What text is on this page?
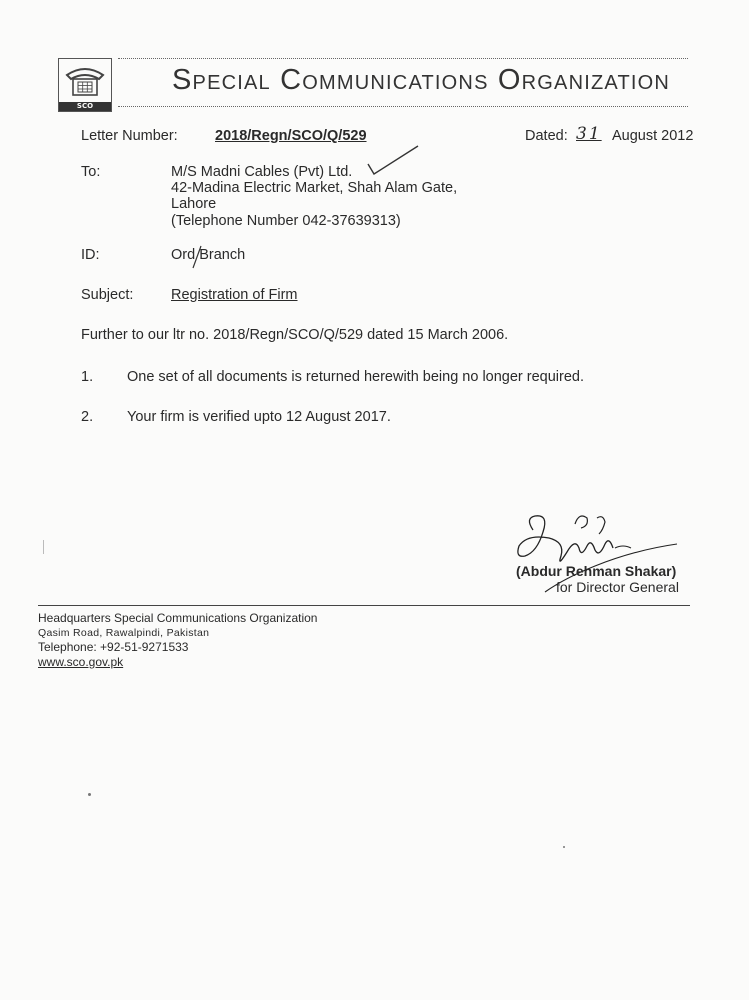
SCO
Special Communications Organization
Letter Number:	2018/Regn/SCO/Q/529	Dated: 31 August 2012
To:	M/S Madni Cables (Pvt) Ltd.
42-Madina Electric Market, Shah Alam Gate,
Lahore
(Telephone Number 042-37639313)
ID:	Ord Branch
Subject:	Registration of Firm
Further to our ltr no. 2018/Regn/SCO/Q/529 dated 15 March 2006.
1. One set of all documents is returned herewith being no longer required.
2. Your firm is verified upto 12 August 2017.
(Abdur Rehman Shakar)
for Director General
Headquarters Special Communications Organization
Qasim Road, Rawalpindi, Pakistan
Telephone: +92-51-9271533
www.sco.gov.pk
